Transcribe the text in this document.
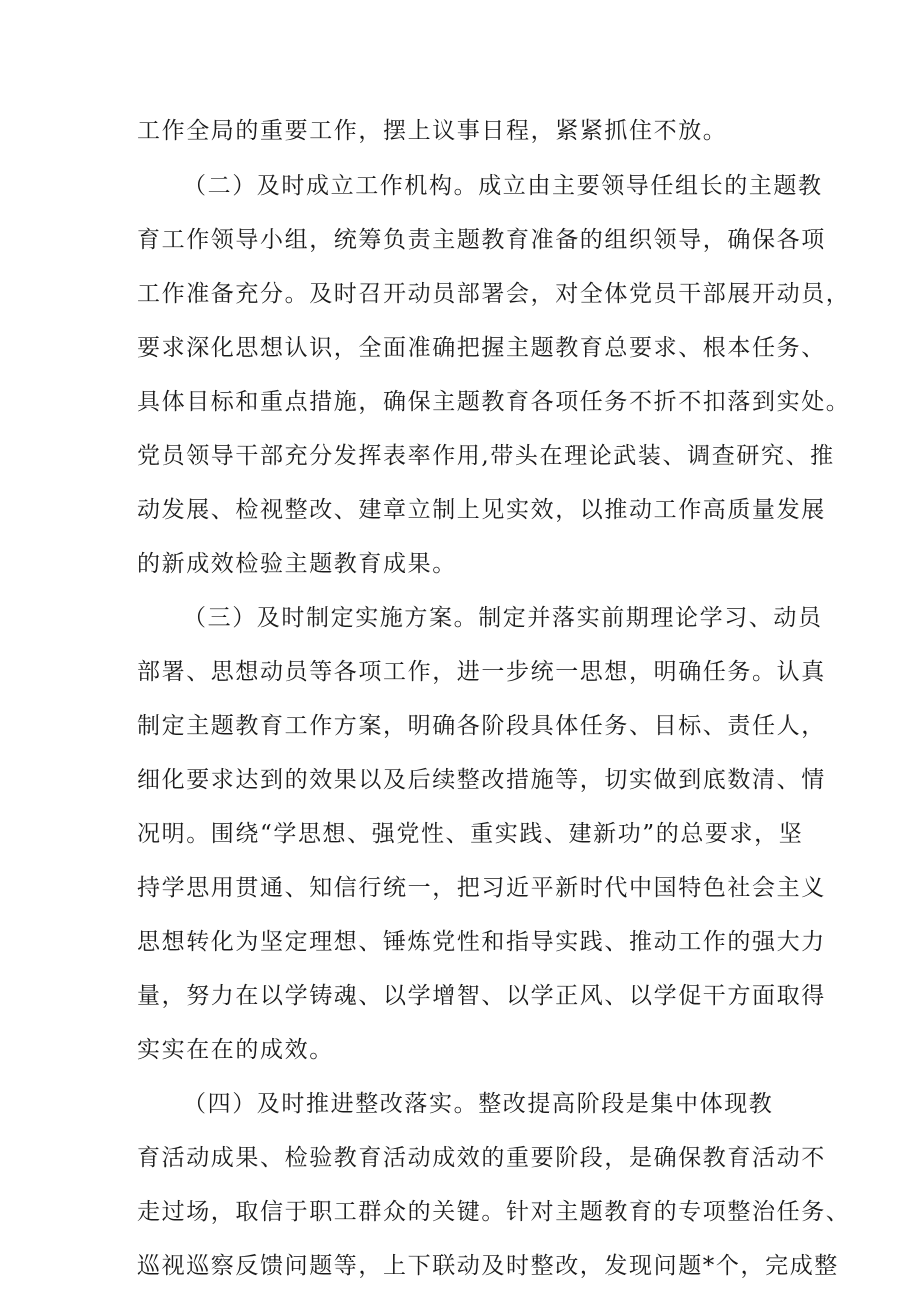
工作全局的重要工作，摆上议事日程，紧紧抓住不放。
（二）及时成立工作机构。成立由主要领导任组长的主题教
育工作领导小组，统筹负责主题教育准备的组织领导，确保各项
工作准备充分。及时召开动员部署会，对全体党员干部展开动员，
要求深化思想认识，全面准确把握主题教育总要求、根本任务、
具体目标和重点措施，确保主题教育各项任务不折不扣落到实处。
党员领导干部充分发挥表率作用,带头在理论武装、调查研究、推
动发展、检视整改、建章立制上见实效，以推动工作高质量发展
的新成效检验主题教育成果。
（三）及时制定实施方案。制定并落实前期理论学习、动员
部署、思想动员等各项工作，进一步统一思想，明确任务。认真
制定主题教育工作方案，明确各阶段具体任务、目标、责任人，
细化要求达到的效果以及后续整改措施等，切实做到底数清、情
况明。围绕“学思想、强党性、重实践、建新功”的总要求，坚
持学思用贯通、知信行统一，把习近平新时代中国特色社会主义
思想转化为坚定理想、锤炼党性和指导实践、推动工作的强大力
量，努力在以学铸魂、以学增智、以学正风、以学促干方面取得
实实在在的成效。
（四）及时推进整改落实。整改提高阶段是集中体现教
育活动成果、检验教育活动成效的重要阶段，是确保教育活动不
走过场，取信于职工群众的关键。针对主题教育的专项整治任务、
巡视巡察反馈问题等，上下联动及时整改，发现问题*个，完成整
